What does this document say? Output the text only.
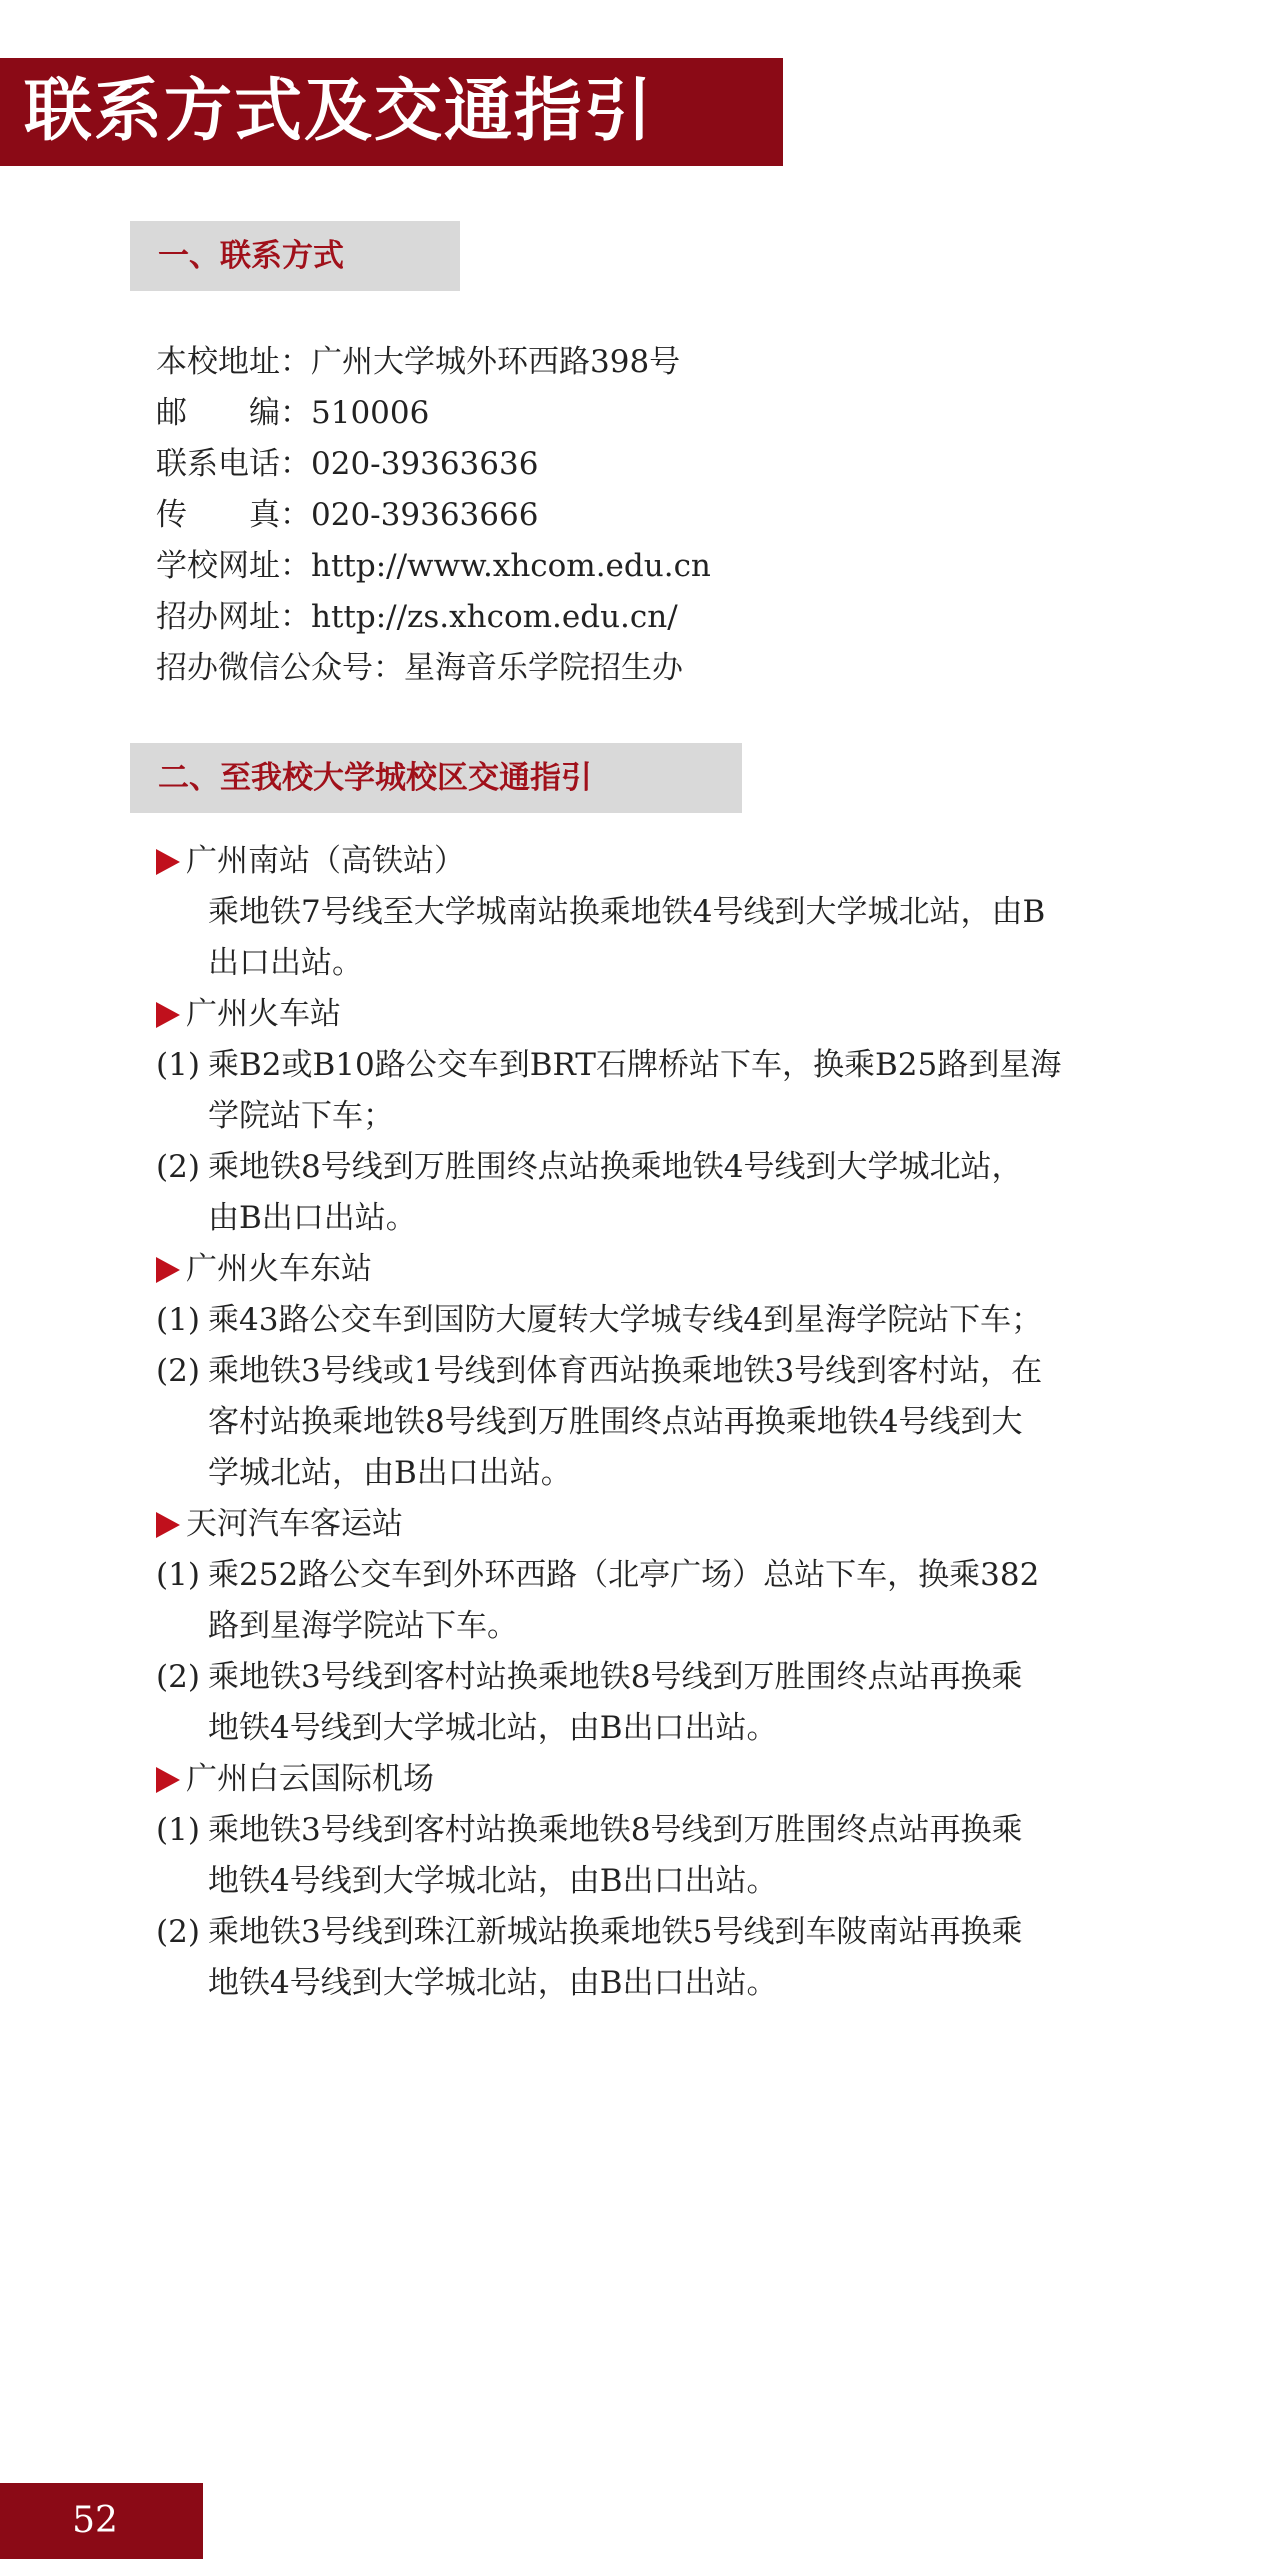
联系方式及交通指引
一、联系方式
本校地址：广州大学城外环西路398号
邮　　编：510006
联系电话：020-39363636
传　　真：020-39363666
学校网址：http://www.xhcom.edu.cn
招办网址：http://zs.xhcom.edu.cn/
招办微信公众号：星海音乐学院招生办
二、至我校大学城校区交通指引
广州南站（高铁站）
乘地铁7号线至大学城南站换乘地铁4号线到大学城北站，由B
出口出站。
广州火车站
(1) 乘B2或B10路公交车到BRT石牌桥站下车，换乘B25路到星海
学院站下车；
(2) 乘地铁8号线到万胜围终点站换乘地铁4号线到大学城北站，
由B出口出站。
广州火车东站
(1) 乘43路公交车到国防大厦转大学城专线4到星海学院站下车；
(2) 乘地铁3号线或1号线到体育西站换乘地铁3号线到客村站，在
客村站换乘地铁8号线到万胜围终点站再换乘地铁4号线到大
学城北站，由B出口出站。
天河汽车客运站
(1) 乘252路公交车到外环西路（北亭广场）总站下车，换乘382
路到星海学院站下车。
(2) 乘地铁3号线到客村站换乘地铁8号线到万胜围终点站再换乘
地铁4号线到大学城北站，由B出口出站。
广州白云国际机场
(1) 乘地铁3号线到客村站换乘地铁8号线到万胜围终点站再换乘
地铁4号线到大学城北站，由B出口出站。
(2) 乘地铁3号线到珠江新城站换乘地铁5号线到车陂南站再换乘
地铁4号线到大学城北站，由B出口出站。
52
